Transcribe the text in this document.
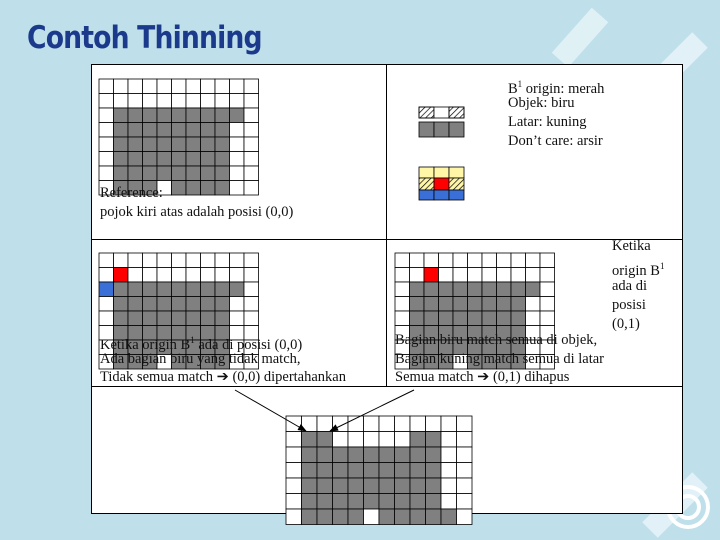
Contoh Thinning
$B^1$ origin: merah
Objek: biru
Latar: kuning
Don’t care: arsir
Reference:
pojok kiri atas adalah posisi (0,0)
Ketika origin $B^1$ ada di posisi (0,0)
Ada bagian biru yang tidak match,
Tidak semua match ➔ (0,0) dipertahankan
Ketika
origin $B^1$
ada di
posisi
(0,1)
Bagian biru match semua di objek,
Bagian kuning match semua di latar
Semua match ➔ (0,1) dihapus
